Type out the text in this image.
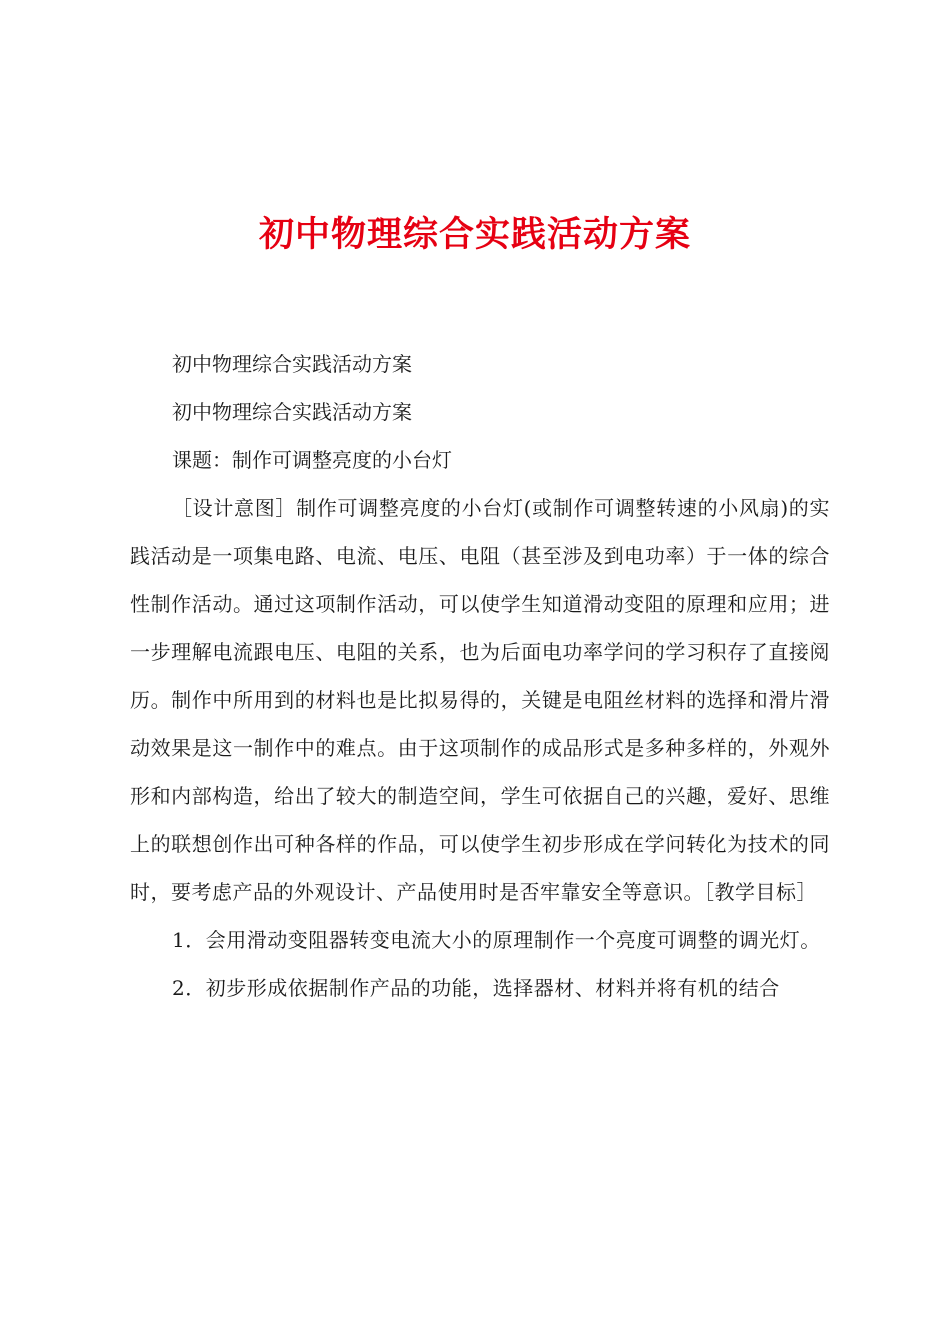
初中物理综合实践活动方案

初中物理综合实践活动方案

初中物理综合实践活动方案

课题：制作可调整亮度的小台灯

［设计意图］制作可调整亮度的小台灯(或制作可调整转速的小风扇)的实践活动是一项集电路、电流、电压、电阻（甚至涉及到电功率）于一体的综合性制作活动。通过这项制作活动，可以使学生知道滑动变阻的原理和应用；进一步理解电流跟电压、电阻的关系，也为后面电功率学问的学习积存了直接阅历。制作中所用到的材料也是比拟易得的，关键是电阻丝材料的选择和滑片滑动效果是这一制作中的难点。由于这项制作的成品形式是多种多样的，外观外形和内部构造，给出了较大的制造空间，学生可依据自己的兴趣，爱好、思维上的联想创作出可种各样的作品，可以使学生初步形成在学问转化为技术的同时，要考虑产品的外观设计、产品使用时是否牢靠安全等意识。［教学目标］

1．会用滑动变阻器转变电流大小的原理制作一个亮度可调整的调光灯。

2．初步形成依据制作产品的功能，选择器材、材料并将有机的结合
